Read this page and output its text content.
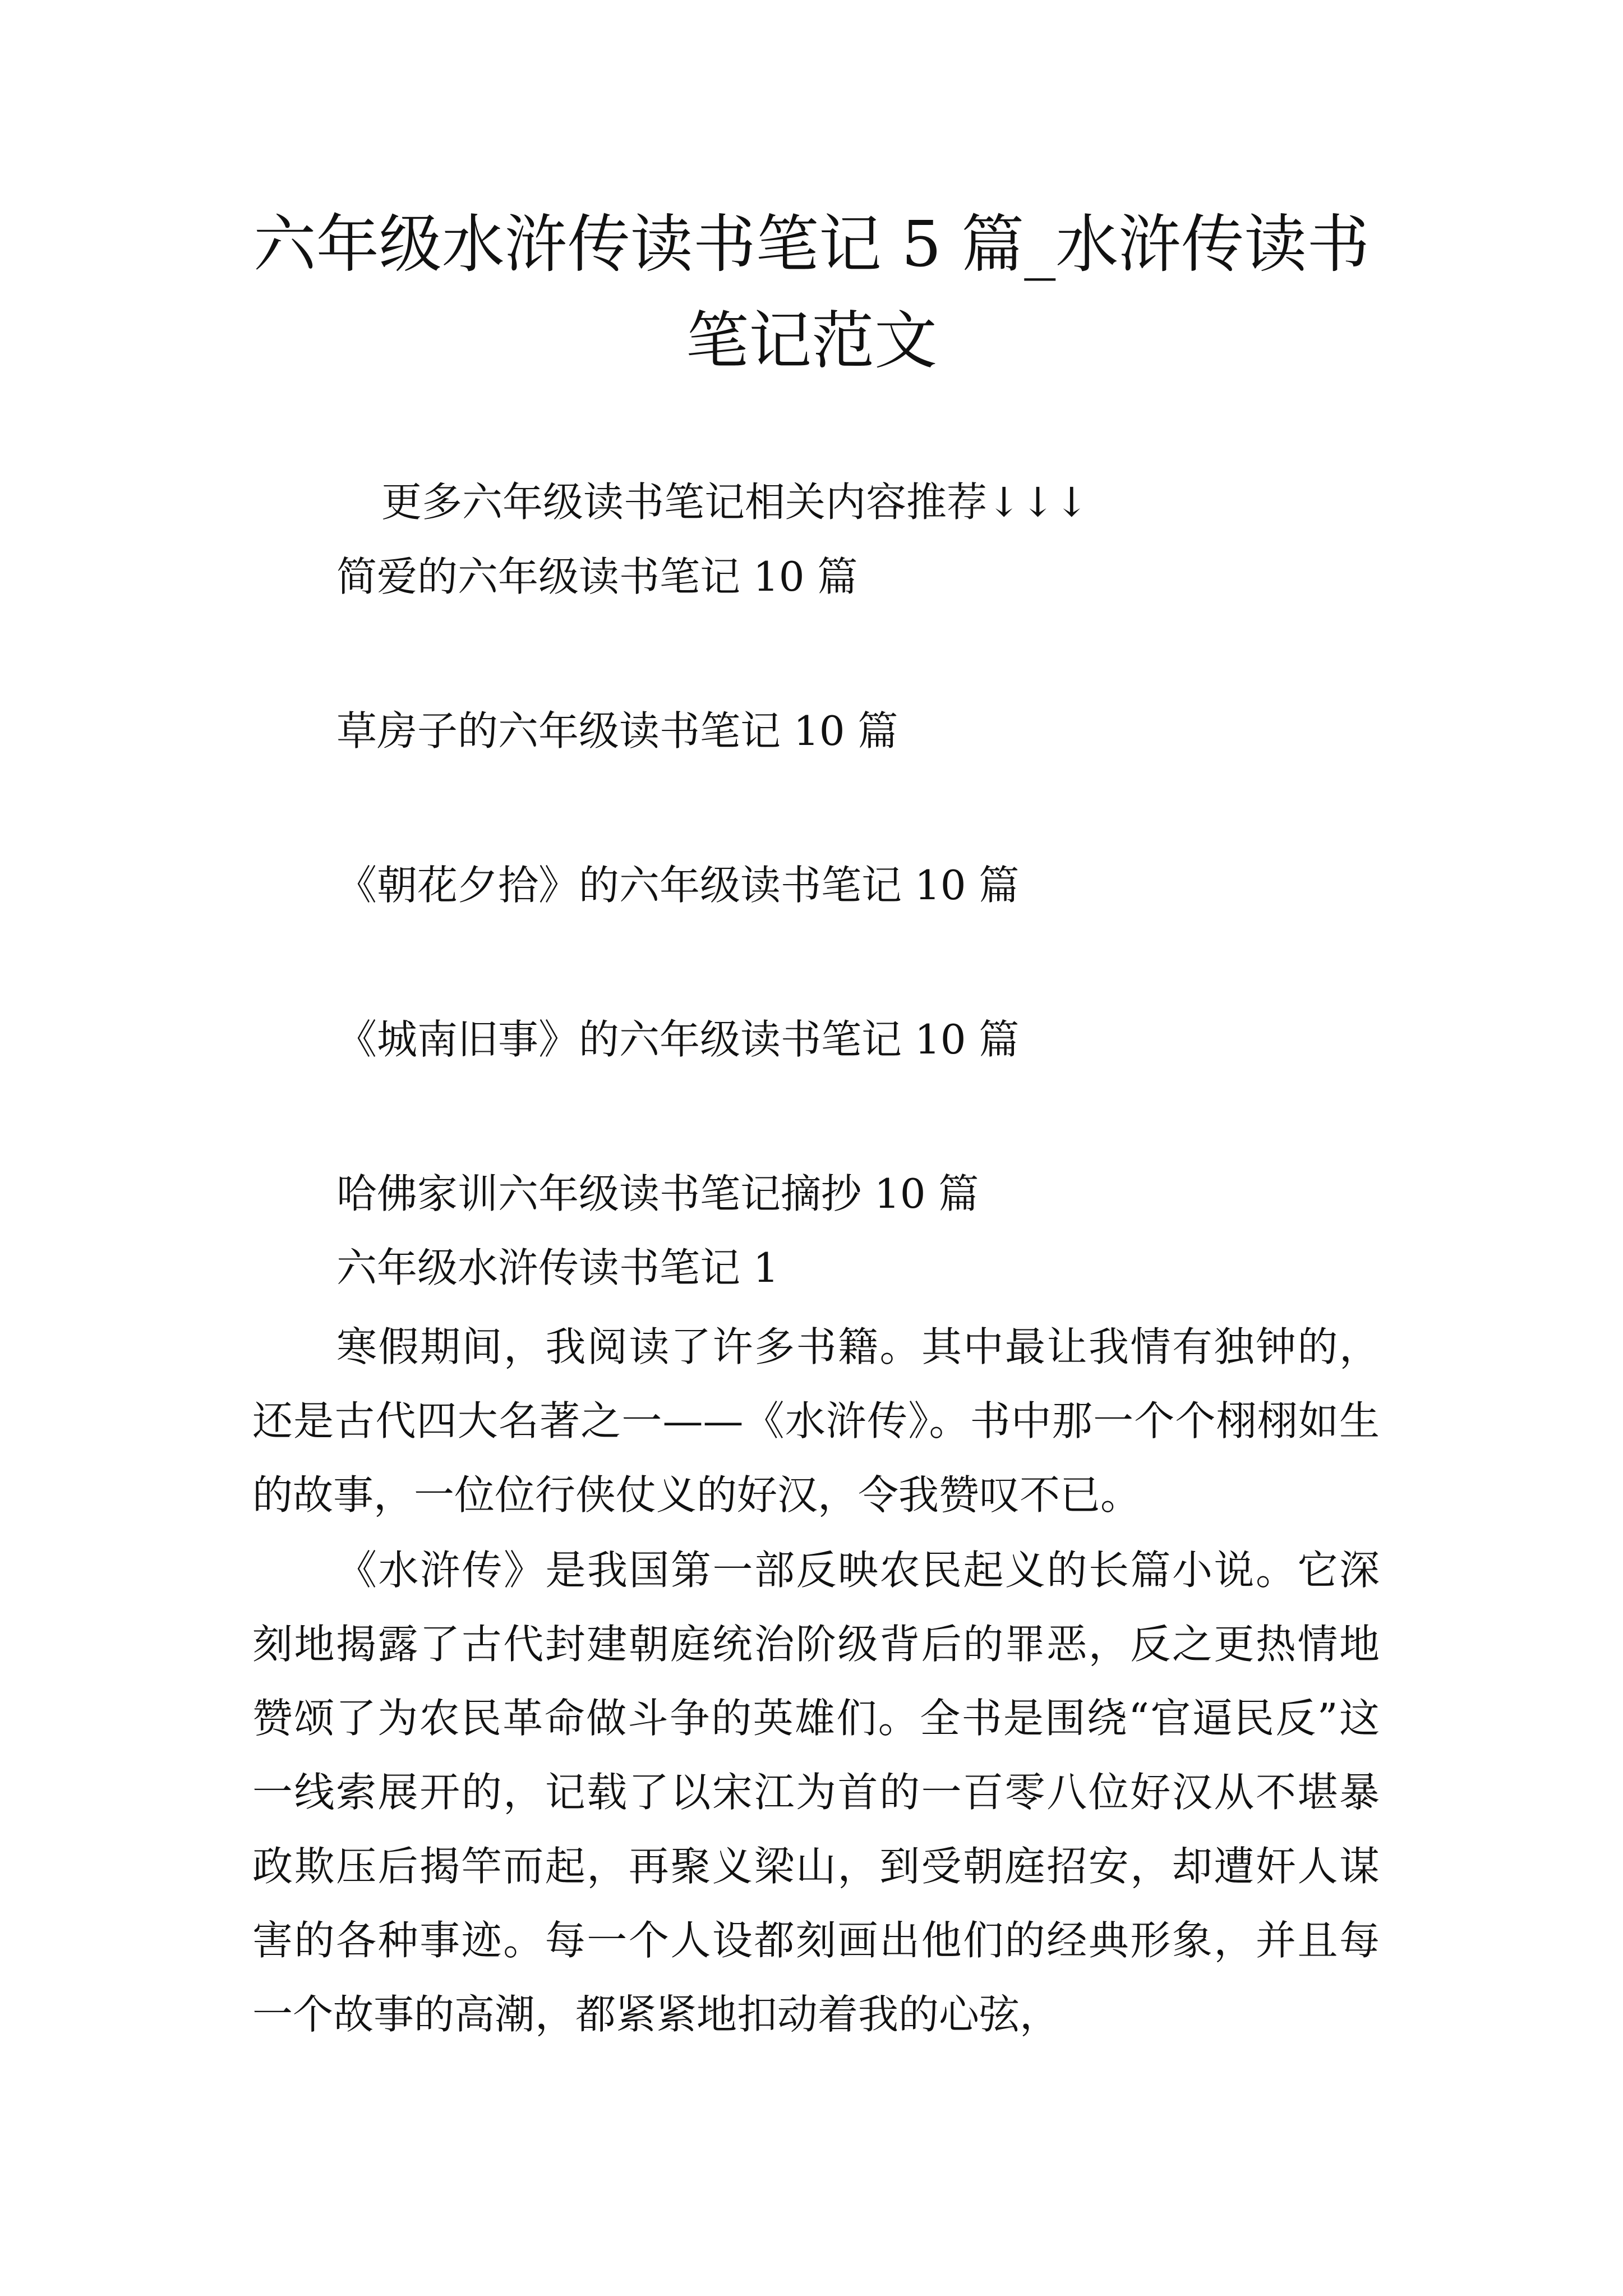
六年级水浒传读书笔记 5 篇_水浒传读书笔记范文

更多六年级读书笔记相关内容推荐↓↓↓

简爱的六年级读书笔记 10 篇

草房子的六年级读书笔记 10 篇

《朝花夕拾》的六年级读书笔记 10 篇

《城南旧事》的六年级读书笔记 10 篇

哈佛家训六年级读书笔记摘抄 10 篇

六年级水浒传读书笔记 1

寒假期间，我阅读了许多书籍。其中最让我情有独钟的，还是古代四大名著之一——《水浒传》。书中那一个个栩栩如生的故事，一位位行侠仗义的好汉，令我赞叹不已。

《水浒传》是我国第一部反映农民起义的长篇小说。它深刻地揭露了古代封建朝庭统治阶级背后的罪恶，反之更热情地赞颂了为农民革命做斗争的英雄们。全书是围绕“官逼民反”这一线索展开的，记载了以宋江为首的一百零八位好汉从不堪暴政欺压后揭竿而起，再聚义梁山，到受朝庭招安，却遭奸人谋害的各种事迹。每一个人设都刻画出他们的经典形象，并且每一个故事的高潮，都紧紧地扣动着我的心弦，
